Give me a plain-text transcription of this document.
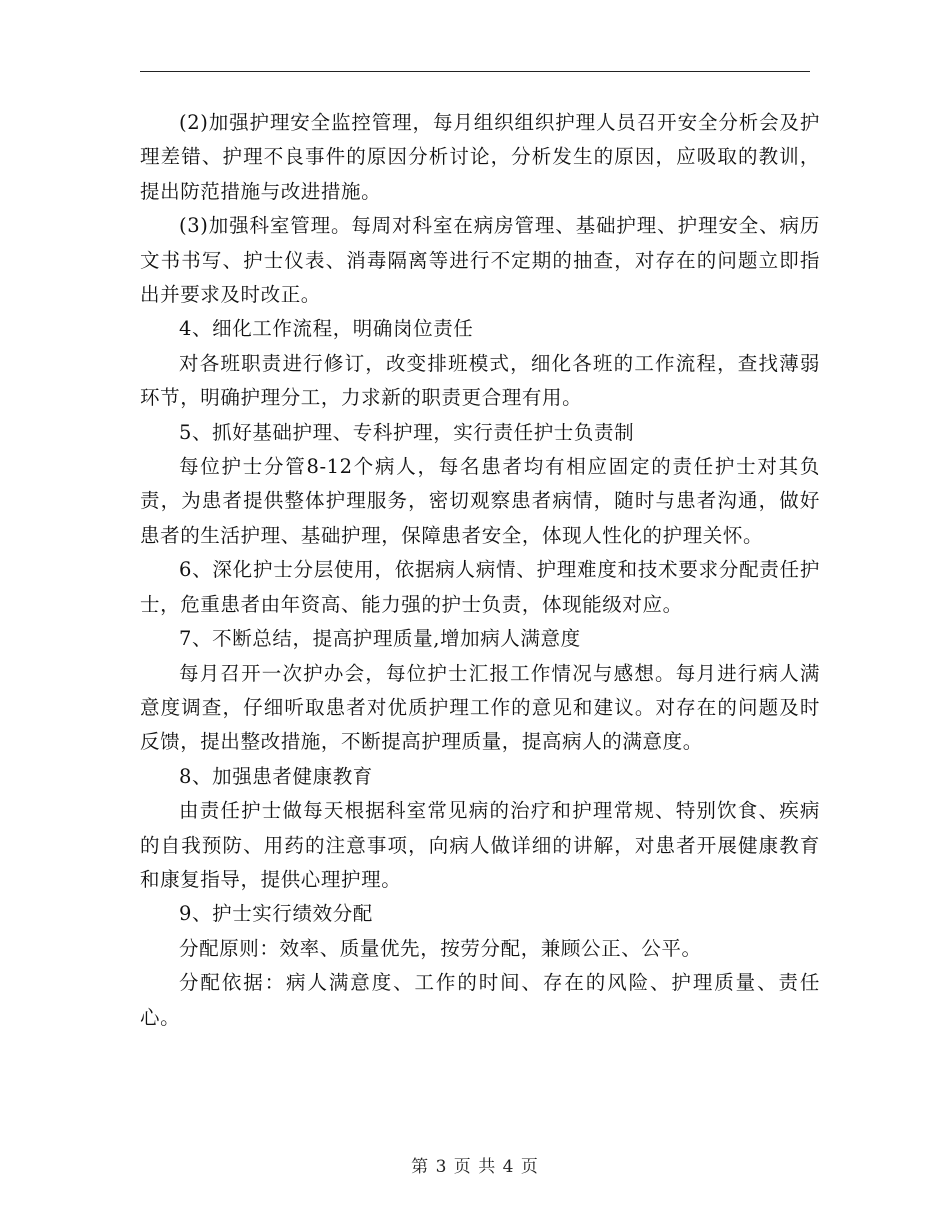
(2)加强护理安全监控管理，每月组织组织护理人员召开安全分析会及护理差错、护理不良事件的原因分析讨论，分析发生的原因，应吸取的教训，提出防范措施与改进措施。

(3)加强科室管理。每周对科室在病房管理、基础护理、护理安全、病历文书书写、护士仪表、消毒隔离等进行不定期的抽查，对存在的问题立即指出并要求及时改正。

4、细化工作流程，明确岗位责任

对各班职责进行修订，改变排班模式，细化各班的工作流程，查找薄弱环节，明确护理分工，力求新的职责更合理有用。

5、抓好基础护理、专科护理，实行责任护士负责制

每位护士分管8-12个病人，每名患者均有相应固定的责任护士对其负责，为患者提供整体护理服务，密切观察患者病情，随时与患者沟通，做好患者的生活护理、基础护理，保障患者安全，体现人性化的护理关怀。

6、深化护士分层使用，依据病人病情、护理难度和技术要求分配责任护士，危重患者由年资高、能力强的护士负责，体现能级对应。

7、不断总结，提高护理质量,增加病人满意度

每月召开一次护办会，每位护士汇报工作情况与感想。每月进行病人满意度调查，仔细听取患者对优质护理工作的意见和建议。对存在的问题及时反馈，提出整改措施，不断提高护理质量，提高病人的满意度。

8、加强患者健康教育

由责任护士做每天根据科室常见病的治疗和护理常规、特别饮食、疾病的自我预防、用药的注意事项，向病人做详细的讲解，对患者开展健康教育和康复指导，提供心理护理。

9、护士实行绩效分配

分配原则：效率、质量优先，按劳分配，兼顾公正、公平。

分配依据：病人满意度、工作的时间、存在的风险、护理质量、责任心。

第 3 页 共 4 页
